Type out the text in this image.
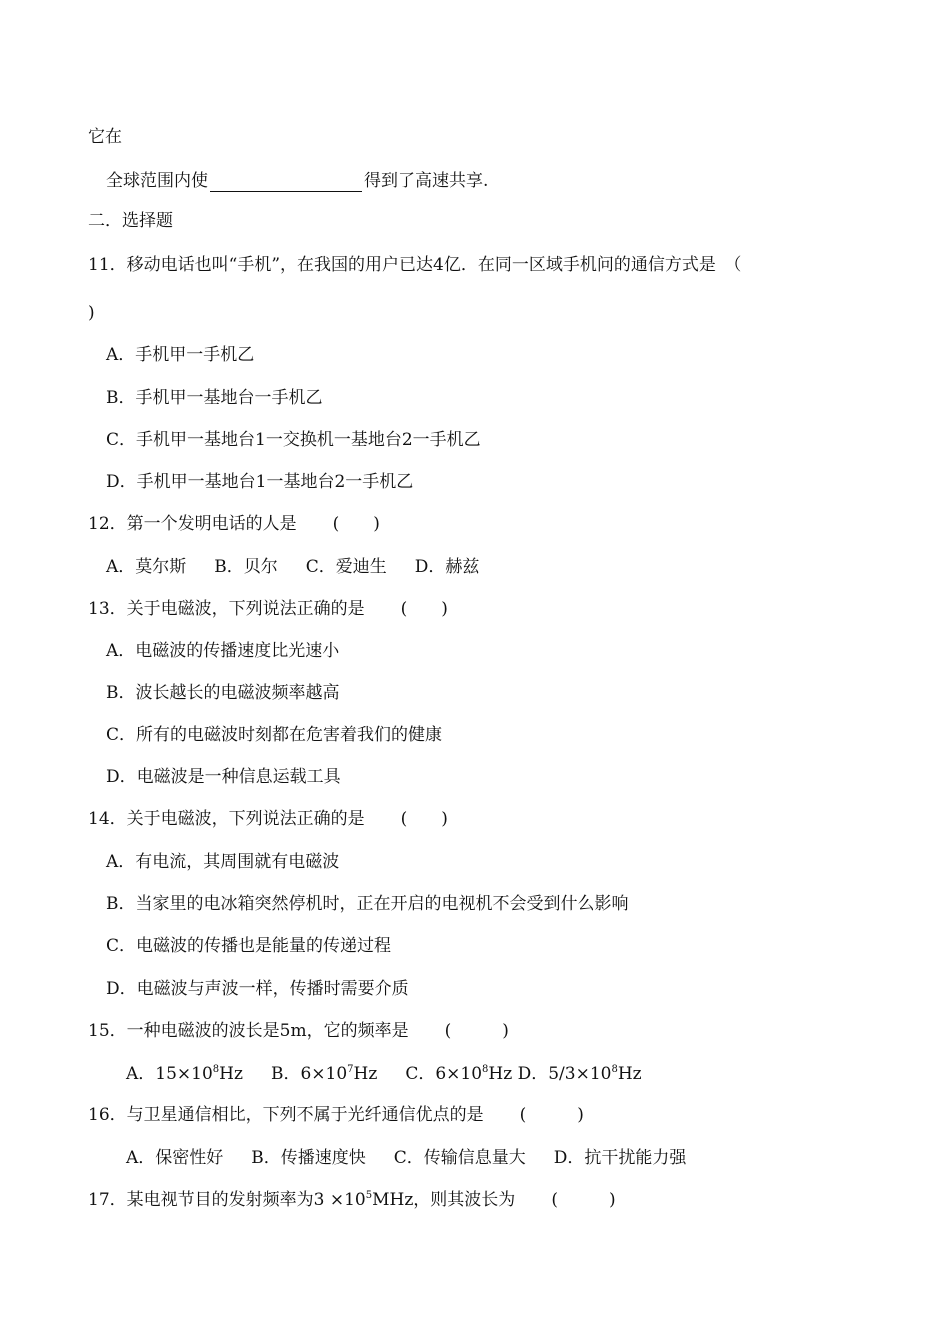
它在
全球范围内使	得到了高速共享.
二．选择题
11．移动电话也叫“手机”，在我国的用户已达4亿．在同一区域手机问的通信方式是　（
)
A．手机甲一手机乙
B．手机甲一基地台一手机乙
C．手机甲一基地台1一交换机一基地台2一手机乙
D．手机甲一基地台1一基地台2一手机乙
12．第一个发明电话的人是 (　　)
A．莫尔斯 B．贝尔 C．爱迪生 D．赫兹
13．关于电磁波，下列说法正确的是 (　　)
A．电磁波的传播速度比光速小
B．波长越长的电磁波频率越高
C．所有的电磁波时刻都在危害着我们的健康
D．电磁波是一种信息运载工具
14．关于电磁波，下列说法正确的是 (　　)
A．有电流，其周围就有电磁波
B．当家里的电冰箱突然停机时，正在开启的电视机不会受到什么影响
C．电磁波的传播也是能量的传递过程
D．电磁波与声波一样，传播时需要介质
15．一种电磁波的波长是5m，它的频率是 (　　　)
A．$15\times 10^8Hz$ B．$6\times 10^7Hz$ C．$6\times 10^8Hz$ D．$5/3\times 10^8Hz$
16．与卫星通信相比，下列不属于光纤通信优点的是 (　　　)
A．保密性好 B．传播速度快 C．传输信息量大 D．抗干扰能力强
17．某电视节目的发射频率为$3 \times 10^5MHz$，则其波长为 (　　　)
